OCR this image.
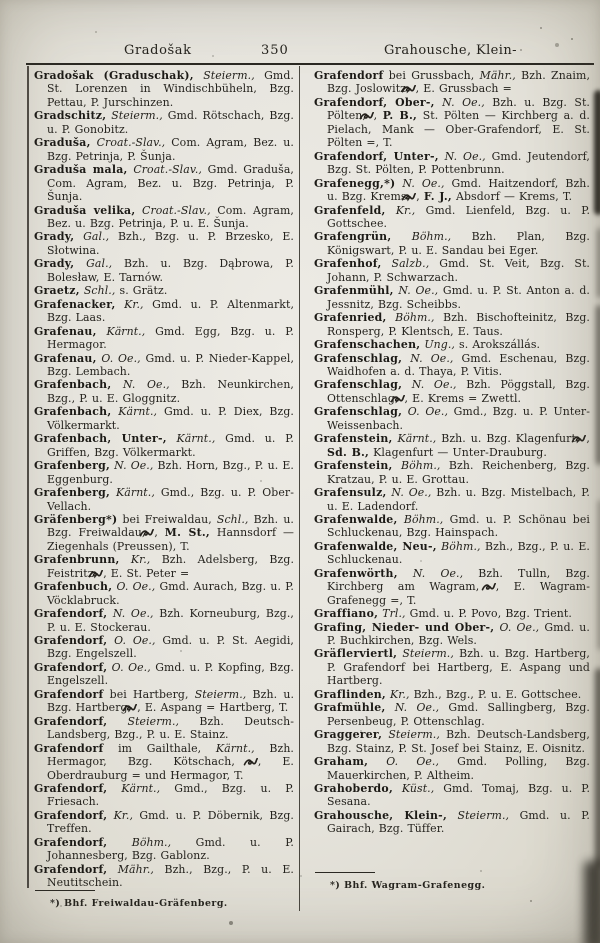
Gradošak	350	Grahousche, Klein-

Gradošak (Graduschak), Steierm., Gmd. St. Lorenzen in Windischbüheln, Bzg. Pettau, P. Jurschinzen.

Gradschitz, Steierm., Gmd. Rötschach, Bzg. u. P. Gonobitz.

Graduša, Croat.-Slav., Com. Agram, Bez. u. Bzg. Petrinja, P. Šunja.

Graduša mala, Croat.-Slav., Gmd. Graduša, Com. Agram, Bez. u. Bzg. Petrinja, P. Šunja.

Graduša velika, Croat.-Slav., Com. Agram, Bez. u. Bzg. Petrinja, P. u. E. Šunja.

Grady, Gal., Bzh., Bzg. u. P. Brzesko, E. Słotwina.

Grady, Gal., Bzh. u. Bzg. Dąbrowa, P. Bolesław, E. Tarnów.

Graetz, Schl., s. Grätz.

Grafenacker, Kr., Gmd. u. P. Altenmarkt, Bzg. Laas.

Grafenau, Kärnt., Gmd. Egg, Bzg. u. P. Hermagor.

Grafenau, O. Oe., Gmd. u. P. Nieder-Kappel, Bzg. Lembach.

Grafenbach, N. Oe., Bzh. Neunkirchen, Bzg., P. u. E. Gloggnitz.

Grafenbach, Kärnt., Gmd. u. P. Diex, Bzg. Völkermarkt.

Grafenbach, Unter-, Kärnt., Gmd. u. P. Griffen, Bzg. Völkermarkt.

Grafenberg, N. Oe., Bzh. Horn, Bzg., P. u. E. Eggenburg.

Grafenberg, Kärnt., Gmd., Bzg. u. P. Ober-Vellach.

Gräfenberg*) bei Freiwaldau, Schl., Bzh. u. Bzg. Freiwaldau, , M. St., Hannsdorf — Ziegenhals (Preussen), T.

Grafenbrunn, Kr., Bzh. Adelsberg, Bzg. Feistritz, , E. St. Peter =

Grafenbuch, O. Oe., Gmd. Aurach, Bzg. u. P. Vöcklabruck.

Grafendorf, N. Oe., Bzh. Korneuburg, Bzg., P. u. E. Stockerau.

Grafendorf, O. Oe., Gmd. u. P. St. Aegidi, Bzg. Engelszell.

Grafendorf, O. Oe., Gmd. u. P. Kopfing, Bzg. Engelszell.

Grafendorf bei Hartberg, Steierm., Bzh. u. Bzg. Hartberg, , E. Aspang = Hartberg, T.

Grafendorf, Steierm., Bzh. Deutsch-Landsberg, Bzg., P. u. E. Stainz.

Grafendorf im Gailthale, Kärnt., Bzh. Hermagor, Bzg. Kötschach, , E. Oberdrauburg = und Hermagor, T.

Grafendorf, Kärnt., Gmd., Bzg. u. P. Friesach.

Grafendorf, Kr., Gmd. u. P. Döbernik, Bzg. Treffen.

Grafendorf, Böhm., Gmd. u. P. Johannesberg, Bzg. Gablonz.

Grafendorf, Mähr., Bzh., Bzg., P. u. E. Neutitschein.

*) Bhf. Freiwaldau-Gräfenberg.

Grafendorf bei Grussbach, Mähr., Bzh. Znaim, Bzg. Joslowitz, , E. Grussbach =

Grafendorf, Ober-, N. Oe., Bzh. u. Bzg. St. Pölten, , P. B., St. Pölten — Kirchberg a. d. Pielach, Mank — Ober-Grafendorf, E. St. Pölten =, T.

Grafendorf, Unter-, N. Oe., Gmd. Jeutendorf, Bzg. St. Pölten, P. Pottenbrunn.

Grafenegg,*) N. Oe., Gmd. Haitzendorf, Bzh. u. Bzg. Krems, , F. J., Absdorf — Krems, T.

Grafenfeld, Kr., Gmd. Lienfeld, Bzg. u. P. Gottschee.

Grafengrün, Böhm., Bzh. Plan, Bzg. Königswart, P. u. E. Sandau bei Eger.

Grafenhof, Salzb., Gmd. St. Veit, Bzg. St. Johann, P. Schwarzach.

Grafenmühl, N. Oe., Gmd. u. P. St. Anton a. d. Jessnitz, Bzg. Scheibbs.

Grafenried, Böhm., Bzh. Bischofteinitz, Bzg. Ronsperg, P. Klentsch, E. Taus.

Grafenschachen, Ung., s. Arokszállás.

Grafenschlag, N. Oe., Gmd. Eschenau, Bzg. Waidhofen a. d. Thaya, P. Vitis.

Grafenschlag, N. Oe., Bzh. Pöggstall, Bzg. Ottenschlag, , E. Krems = Zwettl.

Grafenschlag, O. Oe., Gmd., Bzg. u. P. Unter-Weissenbach.

Grafenstein, Kärnt., Bzh. u. Bzg. Klagenfurt, , Sd. B., Klagenfurt — Unter-Drauburg.

Grafenstein, Böhm., Bzh. Reichenberg, Bzg. Kratzau, P. u. E. Grottau.

Grafensulz, N. Oe., Bzh. u. Bzg. Mistelbach, P. u. E. Ladendorf.

Grafenwalde, Böhm., Gmd. u. P. Schönau bei Schluckenau, Bzg. Hainspach.

Grafenwalde, Neu-, Böhm., Bzh., Bzg., P. u. E. Schluckenau.

Grafenwörth, N. Oe., Bzh. Tulln, Bzg. Kirchberg am Wagram, , E. Wagram-Grafenegg =, T.

Graffiano, Trl., Gmd. u. P. Povo, Bzg. Trient.

Grafing, Nieder- und Ober-, O. Oe., Gmd. u. P. Buchkirchen, Bzg. Wels.

Gräflerviertl, Steierm., Bzh. u. Bzg. Hartberg, P. Grafendorf bei Hartberg, E. Aspang und Hartberg.

Graflinden, Kr., Bzh., Bzg., P. u. E. Gottschee.

Grafmühle, N. Oe., Gmd. Sallingberg, Bzg. Persenbeug, P. Ottenschlag.

Graggerer, Steierm., Bzh. Deutsch-Landsberg, Bzg. Stainz, P. St. Josef bei Stainz, E. Oisnitz.

Graham, O. Oe., Gmd. Polling, Bzg. Mauerkirchen, P. Altheim.

Grahoberdo, Küst., Gmd. Tomaj, Bzg. u. P. Sesana.

Grahousche, Klein-, Steierm., Gmd. u. P. Gairach, Bzg. Tüffer.

*) Bhf. Wagram-Grafenegg.
